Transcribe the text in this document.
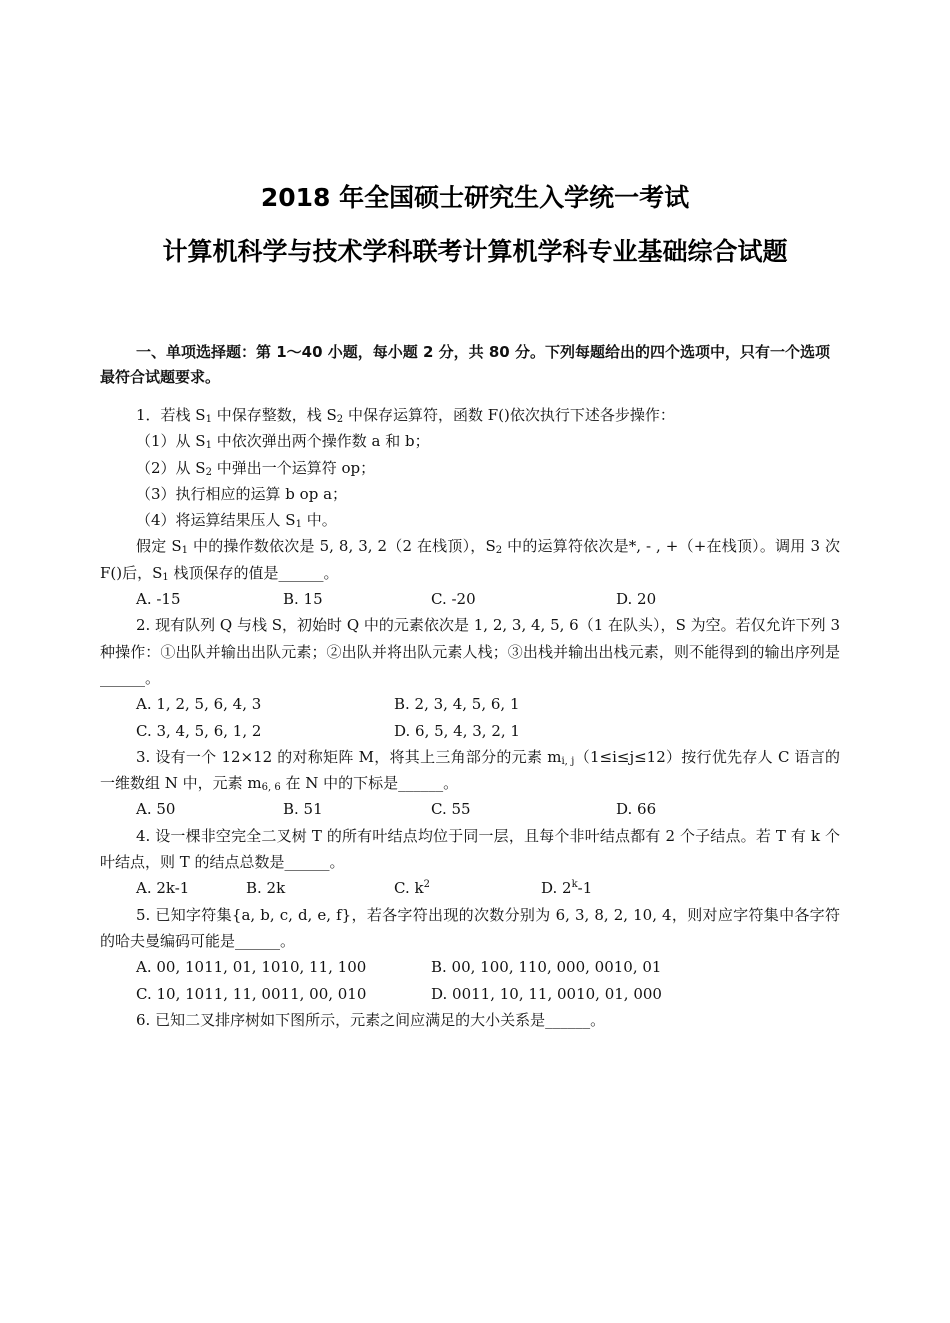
2018 年全国硕士研究生入学统一考试
计算机科学与技术学科联考计算机学科专业基础综合试题

一、单项选择题：第 1～40 小题，每小题 2 分，共 80 分。下列每题给出的四个选项中，只有一个选项最符合试题要求。

1．若栈 $S_1$ 中保存整数，栈 $S_2$ 中保存运算符，函数 F()依次执行下述各步操作：
（1）从 $S_1$ 中依次弹出两个操作数 a 和 b；
（2）从 $S_2$ 中弹出一个运算符 op；
（3）执行相应的运算 b op a；
（4）将运算结果压人 $S_1$ 中。

假定 $S_1$ 中的操作数依次是 5, 8, 3, 2（2 在栈顶），$S_2$ 中的运算符依次是*, - , +（+在栈顶）。调用 3 次 F()后，$S_1$ 栈顶保存的值是______。

A. -15	B. 15	C. -20	D. 20

2. 现有队列 Q 与栈 S，初始时 Q 中的元素依次是 1, 2, 3, 4, 5, 6（1 在队头），S 为空。若仅允许下列 3 种操作：①出队并输出出队元素；②出队并将出队元素人栈；③出栈并输出出栈元素，则不能得到的输出序列是______。

A. 1, 2, 5, 6, 4, 3	B. 2, 3, 4, 5, 6, 1
C. 3, 4, 5, 6, 1, 2	D. 6, 5, 4, 3, 2, 1

3. 设有一个 12×12 的对称矩阵 M，将其上三角部分的元素 $m_{i, j}(1\le i\le j\le 12)$按行优先存人 C 语言的一维数组 N 中，元素 $m_{6, 6}$ 在 N 中的下标是______。

A. 50	B. 51	C. 55	D. 66

4. 设一棵非空完全二叉树 T 的所有叶结点均位于同一层，且每个非叶结点都有 2 个子结点。若 T 有 k 个叶结点，则 T 的结点总数是______。

A. 2k-1	B. 2k	C. $k^2$	D. 2$^k$-1

5. 已知字符集{a, b, c, d, e, f}，若各字符出现的次数分别为 6, 3, 8, 2, 10, 4，则对应字符集中各字符的哈夫曼编码可能是______。

A. 00, 1011, 01, 1010, 11, 100	B. 00, 100, 110, 000, 0010, 01
C. 10, 1011, 11, 0011, 00, 010	D. 0011, 10, 11, 0010, 01, 000

6. 已知二叉排序树如下图所示，元素之间应满足的大小关系是______。
